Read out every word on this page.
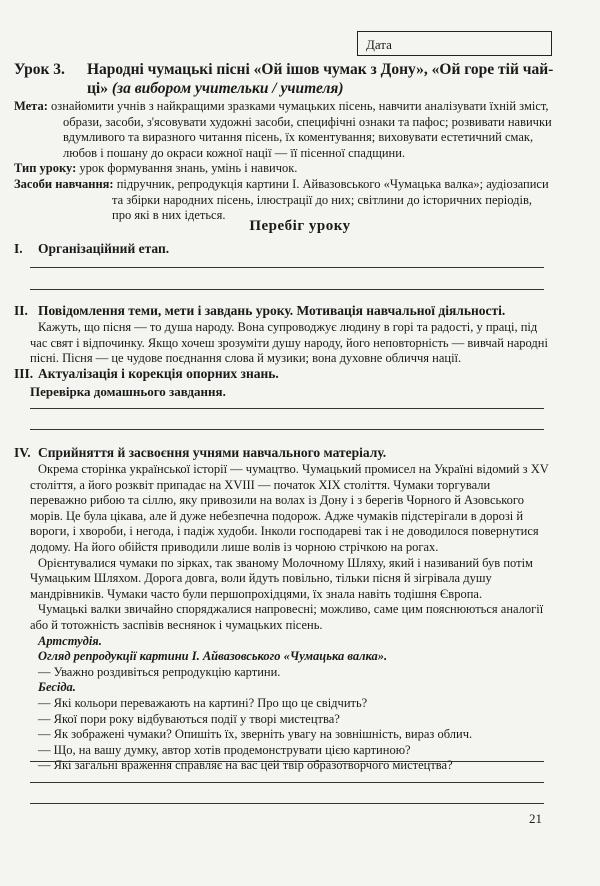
Дата
Урок 3. Народні чумацькі пісні «Ой ішов чумак з Дону», «Ой горе тій чай-
ці» (за вибором учительки / учителя)

Мета: ознайомити учнів з найкращими зразками чумацьких пісень, навчити аналізувати їхній зміст, образи, засоби, з'ясовувати художні засоби, специфічні ознаки та пафос; розвивати навички вдумливого та виразного читання пісень, їх коментування; виховувати естетичний смак, любов і пошану до окраси кожної нації — її пісенної спадщини.

Тип уроку: урок формування знань, умінь і навичок.

Засоби навчання: підручник, репродукція картини І. Айвазовського «Чумацька валка»; аудіозаписи та збірки народних пісень, ілюстрації до них; світлини до історичних періодів, про які в них ідеться.

Перебіг уроку
I. Організаційний етап.
II. Повідомлення теми, мети і завдань уроку. Мотивація навчальної діяльності.

Кажуть, що пісня — то душа народу. Вона супроводжує людину в горі та радості, у праці, під час свят і відпочинку. Якщо хочеш зрозуміти душу народу, його неповторність — вивчай народні пісні. Пісня — це чудове поєднання слова й музики; вона духовне обличчя нації.

III. Актуалізація і корекція опорних знань.

Перевірка домашнього завдання.

IV. Сприйняття й засвоєння учнями навчального матеріалу.

Окрема сторінка української історії — чумацтво. Чумацький промисел на Україні відомий з XV століття, а його розквіт припадає на XVIII — початок XIX століття. Чумаки торгували переважно рибою та сіллю, яку привозили на волах із Дону і з берегів Чорного й Азовського морів. Це була цікава, але й дуже небезпечна подорож. Адже чумаків підстерігали в дорозі й вороги, і хвороби, і негода, і падіж худоби. Інколи господареві так і не доводилося повернутися додому. На його обійстя приводили лише волів із чорною стрічкою на рогах.

Орієнтувалися чумаки по зірках, так званому Молочному Шляху, який і називаний був потім Чумацьким Шляхом. Дорога довга, воли йдуть повільно, тільки пісня й зігрівала душу мандрівників. Чумаки часто були першопрохідцями, їх знала навіть тодішня Європа.

Чумацькі валки звичайно споряджалися напровесні; можливо, саме цим пояснюються аналогії або й тотожність заспівів веснянок і чумацьких пісень.

Артстудія.

Огляд репродукції картини І. Айвазовського «Чумацька валка».

— Уважно роздивіться репродукцію картини.

Бесіда.

— Які кольори переважають на картині? Про що це свідчить?

— Якої пори року відбуваються події у творі мистецтва?

— Як зображені чумаки? Опишіть їх, зверніть увагу на зовнішність, вираз облич.

— Що, на вашу думку, автор хотів продемонструвати цією картиною?

— Які загальні враження справляє на вас цей твір образотворчого мистецтва?

21
